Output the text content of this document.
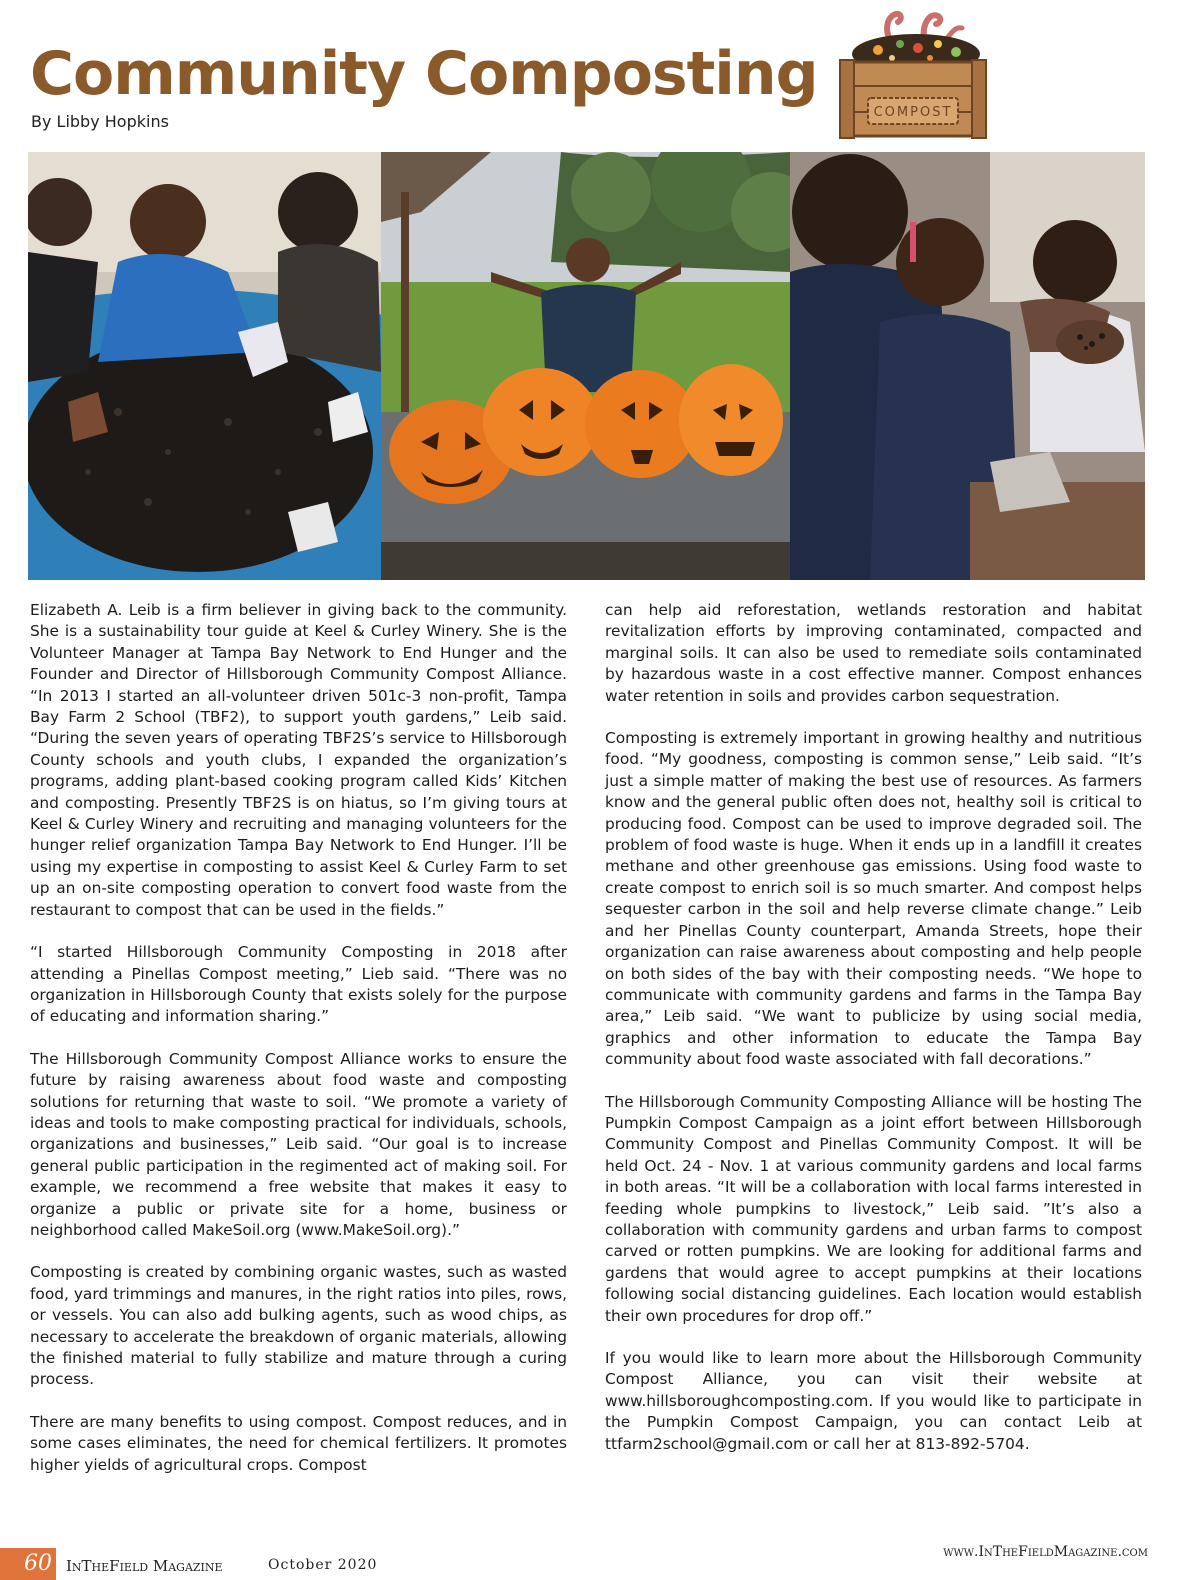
Community Composting
By Libby Hopkins	COMPOST

Elizabeth A. Leib is a firm believer in giving back to the community. She is a sustainability tour guide at Keel & Curley Winery. She is the Volunteer Manager at Tampa Bay Network to End Hunger and the Founder and Director of Hillsborough Community Compost Alliance. “In 2013 I started an all-volunteer driven 501c-3 non-profit, Tampa Bay Farm 2 School (TBF2), to support youth gardens,” Leib said. “During the seven years of operating TBF2S’s service to Hillsborough County schools and youth clubs, I expanded the organization’s programs, adding plant-based cooking program called Kids’ Kitchen and composting. Presently TBF2S is on hiatus, so I’m giving tours at Keel & Curley Winery and recruiting and managing volunteers for the hunger relief organization Tampa Bay Network to End Hunger. I’ll be using my expertise in composting to assist Keel & Curley Farm to set up an on-site composting operation to convert food waste from the restaurant to compost that can be used in the fields.”

“I started Hillsborough Community Composting in 2018 after attending a Pinellas Compost meeting,” Lieb said. “There was no organization in Hillsborough County that exists solely for the purpose of educating and information sharing.”

The Hillsborough Community Compost Alliance works to ensure the future by raising awareness about food waste and composting solutions for returning that waste to soil. “We promote a variety of ideas and tools to make composting practical for individuals, schools, organizations and businesses,” Leib said. “Our goal is to increase general public participation in the regimented act of making soil. For example, we recommend a free website that makes it easy to organize a public or private site for a home, business or neighborhood called MakeSoil.org (www.MakeSoil.org).”

Composting is created by combining organic wastes, such as wasted food, yard trimmings and manures, in the right ratios into piles, rows, or vessels. You can also add bulking agents, such as wood chips, as necessary to accelerate the breakdown of organic materials, allowing the finished material to fully stabilize and mature through a curing process.

There are many benefits to using compost. Compost reduces, and in some cases eliminates, the need for chemical fertilizers. It promotes higher yields of agricultural crops. Compost

can help aid reforestation, wetlands restoration and habitat revitalization efforts by improving contaminated, compacted and marginal soils. It can also be used to remediate soils contaminated by hazardous waste in a cost effective manner. Compost enhances water retention in soils and provides carbon sequestration.

Composting is extremely important in growing healthy and nutritious food. “My goodness, composting is common sense,” Leib said. “It’s just a simple matter of making the best use of resources. As farmers know and the general public often does not, healthy soil is critical to producing food. Compost can be used to improve degraded soil. The problem of food waste is huge. When it ends up in a landfill it creates methane and other greenhouse gas emissions. Using food waste to create compost to enrich soil is so much smarter. And compost helps sequester carbon in the soil and help reverse climate change.” Leib and her Pinellas County counterpart, Amanda Streets, hope their organization can raise awareness about composting and help people on both sides of the bay with their composting needs. “We hope to communicate with community gardens and farms in the Tampa Bay area,” Leib said. “We want to publicize by using social media, graphics and other information to educate the Tampa Bay community about food waste associated with fall decorations.”

The Hillsborough Community Composting Alliance will be hosting The Pumpkin Compost Campaign as a joint effort between Hillsborough Community Compost and Pinellas Community Compost. It will be held Oct. 24 - Nov. 1 at various community gardens and local farms in both areas. “It will be a collaboration with local farms interested in feeding whole pumpkins to livestock,” Leib said. ”It’s also a collaboration with community gardens and urban farms to compost carved or rotten pumpkins. We are looking for additional farms and gardens that would agree to accept pumpkins at their locations following social distancing guidelines. Each location would establish their own procedures for drop off.”

If you would like to learn more about the Hillsborough Community Compost Alliance, you can visit their website at www.hillsboroughcomposting.com. If you would like to participate in the Pumpkin Compost Campaign, you can contact Leib at ttfarm2school@gmail.com or call her at 813-892-5704.

60 InTheField Magazine	October 2020
www.InTheFieldMagazine.com
